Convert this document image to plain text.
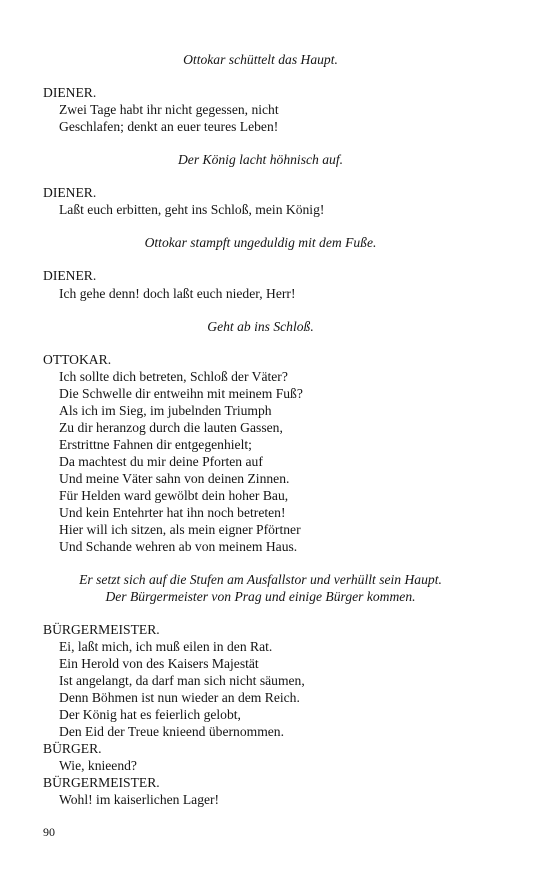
Ottokar schüttelt das Haupt.
DIENER.
Zwei Tage habt ihr nicht gegessen, nicht
Geschlafen; denkt an euer teures Leben!
Der König lacht höhnisch auf.
DIENER.
Laßt euch erbitten, geht ins Schloß, mein König!
Ottokar stampft ungeduldig mit dem Fuße.
DIENER.
Ich gehe denn! doch laßt euch nieder, Herr!
Geht ab ins Schloß.
OTTOKAR.
Ich sollte dich betreten, Schloß der Väter?
Die Schwelle dir entweihn mit meinem Fuß?
Als ich im Sieg, im jubelnden Triumph
Zu dir heranzog durch die lauten Gassen,
Erstrittne Fahnen dir entgegenhielt;
Da machtest du mir deine Pforten auf
Und meine Väter sahn von deinen Zinnen.
Für Helden ward gewölbt dein hoher Bau,
Und kein Entehrter hat ihn noch betreten!
Hier will ich sitzen, als mein eigner Pförtner
Und Schande wehren ab von meinem Haus.
Er setzt sich auf die Stufen am Ausfallstor und verhüllt sein Haupt.
Der Bürgermeister von Prag und einige Bürger kommen.
BÜRGERMEISTER.
Ei, laßt mich, ich muß eilen in den Rat.
Ein Herold von des Kaisers Majestät
Ist angelangt, da darf man sich nicht säumen,
Denn Böhmen ist nun wieder an dem Reich.
Der König hat es feierlich gelobt,
Den Eid der Treue knieend übernommen.
BÜRGER.
Wie, knieend?
BÜRGERMEISTER.
Wohl! im kaiserlichen Lager!
90
